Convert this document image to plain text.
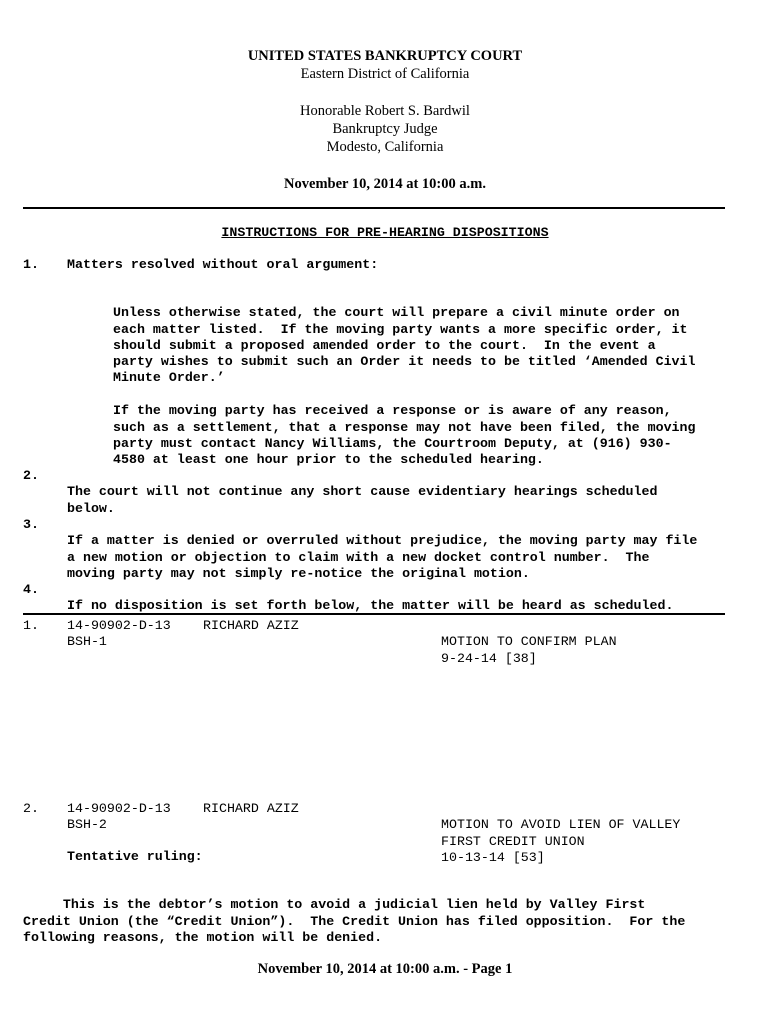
UNITED STATES BANKRUPTCY COURT
Eastern District of California
Honorable Robert S. Bardwil
Bankruptcy Judge
Modesto, California
November 10, 2014 at 10:00 a.m.
INSTRUCTIONS FOR PRE-HEARING DISPOSITIONS
1. Matters resolved without oral argument:

Unless otherwise stated, the court will prepare a civil minute order on
each matter listed.  If the moving party wants a more specific order, it
should submit a proposed amended order to the court.  In the event a
party wishes to submit such an Order it needs to be titled ‘Amended Civil
Minute Order.’

If the moving party has received a response or is aware of any reason,
such as a settlement, that a response may not have been filed, the moving
party must contact Nancy Williams, the Courtroom Deputy, at (916) 930-
4580 at least one hour prior to the scheduled hearing.

2.

The court will not continue any short cause evidentiary hearings scheduled
below.

3.

If a matter is denied or overruled without prejudice, the moving party may file
a new motion or objection to claim with a new docket control number.  The
moving party may not simply re-notice the original motion.

4.

If no disposition is set forth below, the matter will be heard as scheduled.

1. 14-90902-D-13
BSH-1
RICHARD AZIZ

MOTION TO CONFIRM PLAN
9-24-14 [38]

2. 14-90902-D-13
BSH-2
RICHARD AZIZ

MOTION TO AVOID LIEN OF VALLEY
FIRST CREDIT UNION
10-13-14 [53]

Tentative ruling:

This is the debtor’s motion to avoid a judicial lien held by Valley First
Credit Union (the “Credit Union”).  The Credit Union has filed opposition.  For the
following reasons, the motion will be denied.

November 10, 2014 at 10:00 a.m. - Page 1
